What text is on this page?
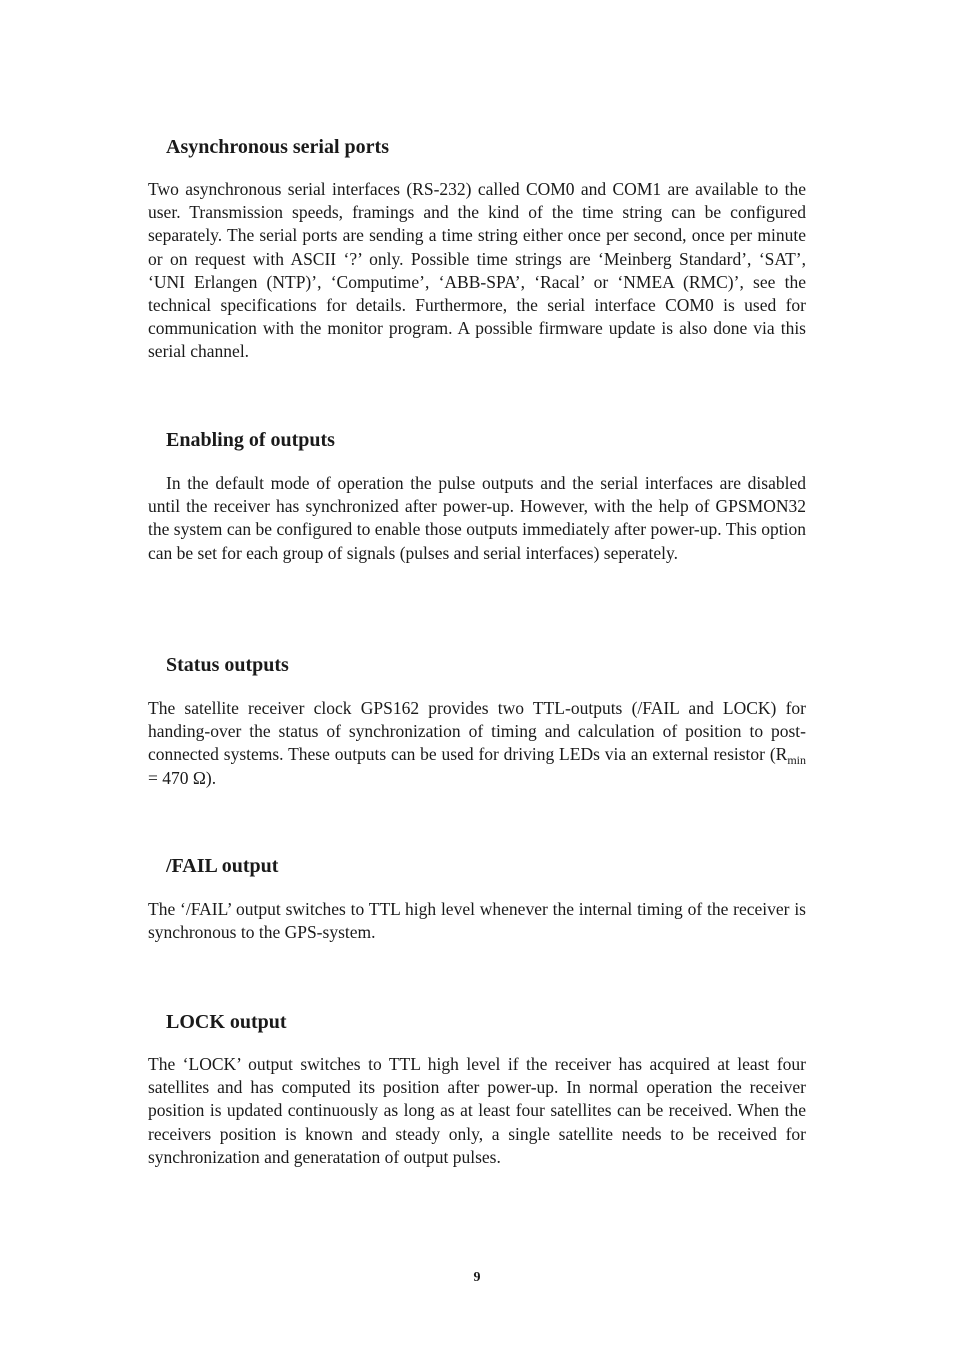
Asynchronous serial ports

Two asynchronous serial interfaces (RS-232) called COM0 and COM1 are available to the user. Transmission speeds, framings and the kind of the time string can be configured separately. The serial ports are sending a time string either once per second, once per minute or on request with ASCII ‘?’ only. Possible time strings are ‘Meinberg Standard’, ‘SAT’, ‘UNI Erlangen (NTP)’, ‘Computime’, ‘ABB-SPA’, ‘Racal’ or ‘NMEA (RMC)’, see the technical specifications for details. Furthermore, the serial interface COM0 is used for communication with the monitor program. A possible firmware update is also done via this serial channel.

Enabling of outputs

In the default mode of operation the pulse outputs and the serial interfaces are disabled until the receiver has synchronized after power-up. However, with the help of GPSMON32 the system can be configured to enable those outputs immediately after power-up. This option can be set for each group of signals (pulses and serial interfaces) seperately.

Status outputs

The satellite receiver clock GPS162 provides two TTL-outputs (/FAIL and LOCK) for handing-over the status of synchronization of timing and calculation of position to post-connected systems. These outputs can be used for driving LEDs via an external resistor ($R_{min} = 470$ Ω).

/FAIL output

The ‘/FAIL’ output switches to TTL high level whenever the internal timing of the receiver is synchronous to the GPS-system.

LOCK output

The ‘LOCK’ output switches to TTL high level if the receiver has acquired at least four satellites and has computed its position after power-up. In normal operation the receiver position is updated continuously as long as at least four satellites can be received. When the receivers position is known and steady only, a single satellite needs to be received for synchronization and generatation of output pulses.

9
